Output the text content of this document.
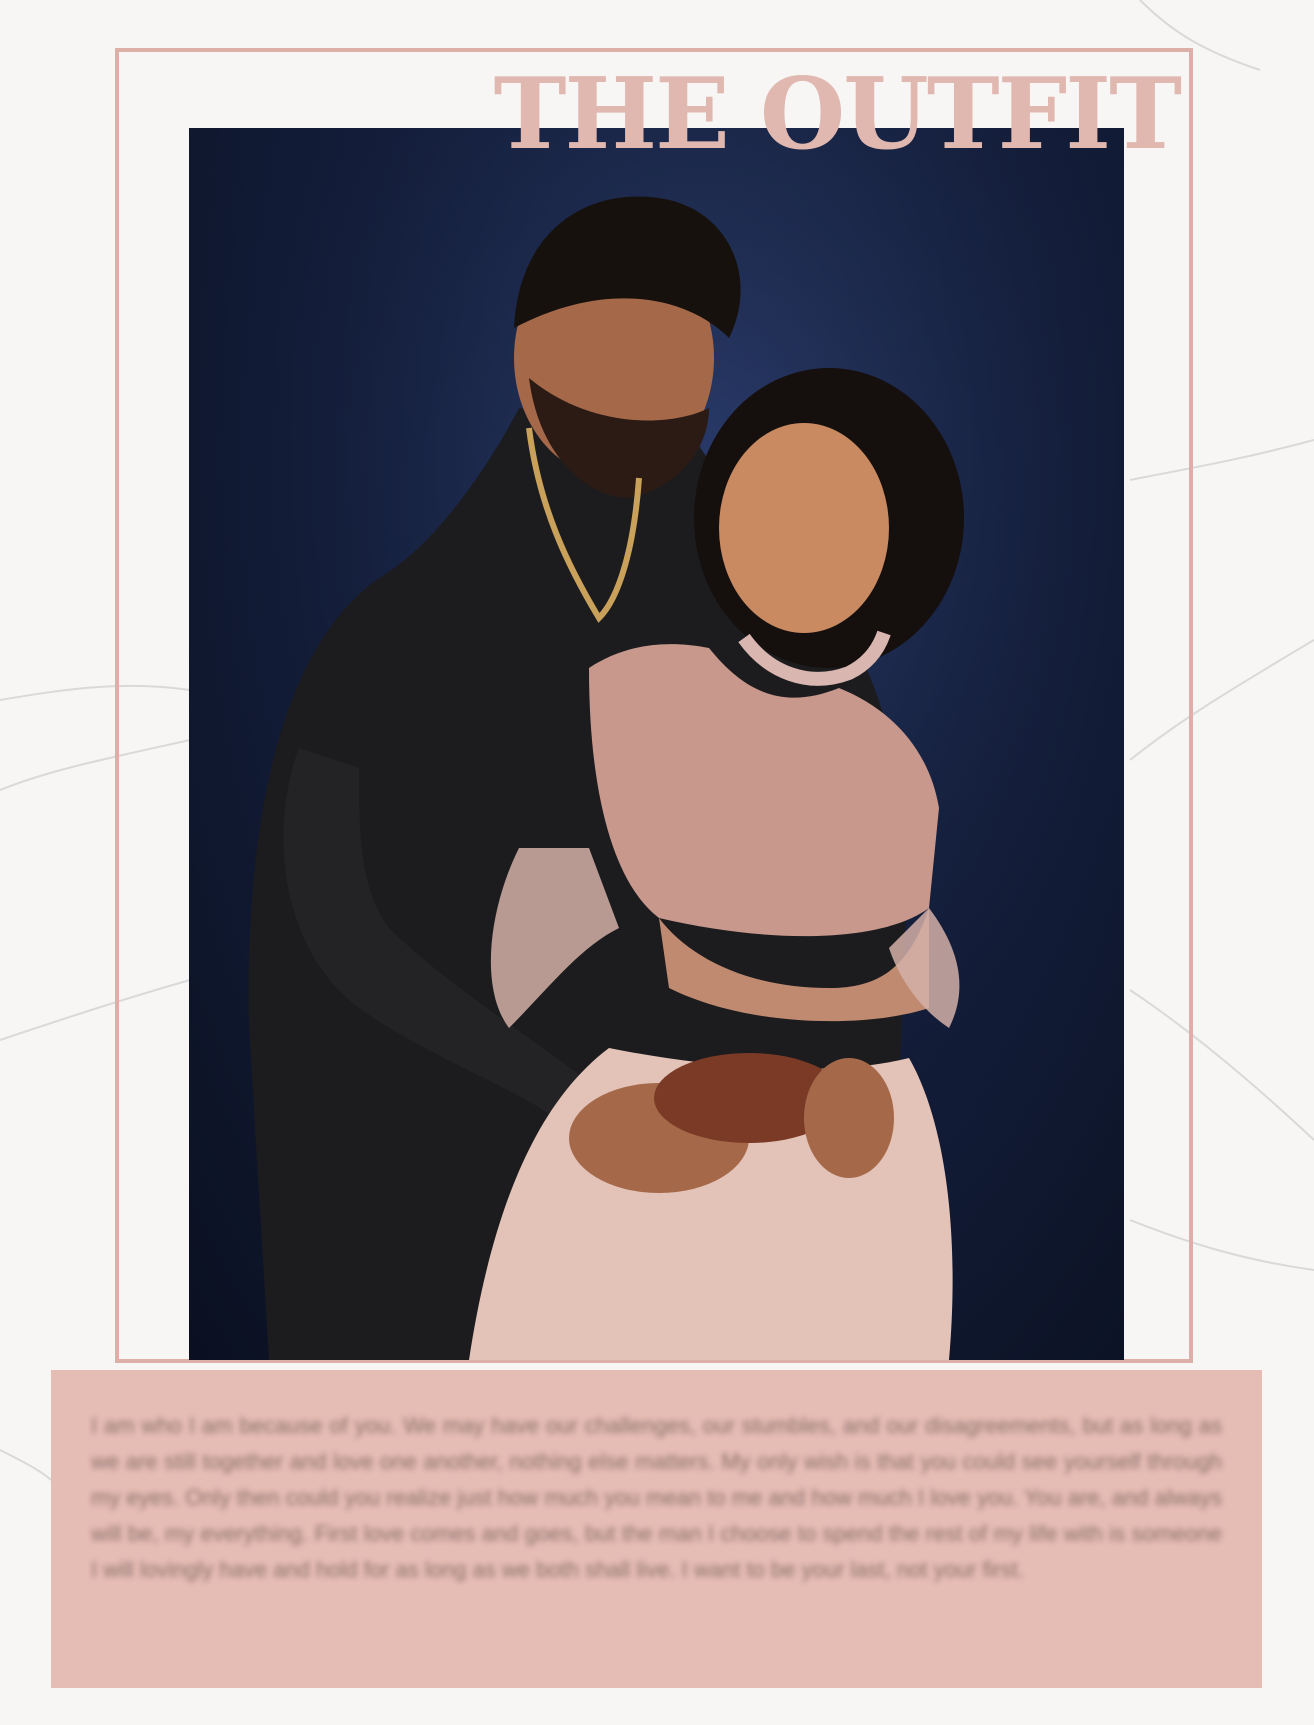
THE OUTFIT
I am who I am because of you. We may have our challenges, our stumbles, and our disagreements, but as long as we are still together and love one another, nothing else matters. My only wish is that you could see yourself through my eyes. Only then could you realize just how much you mean to me and how much I love you. You are, and always will be, my everything. First love comes and goes, but the man I choose to spend the rest of my life with is someone I will lovingly have and hold for as long as we both shall live. I want to be your last, not your first.
